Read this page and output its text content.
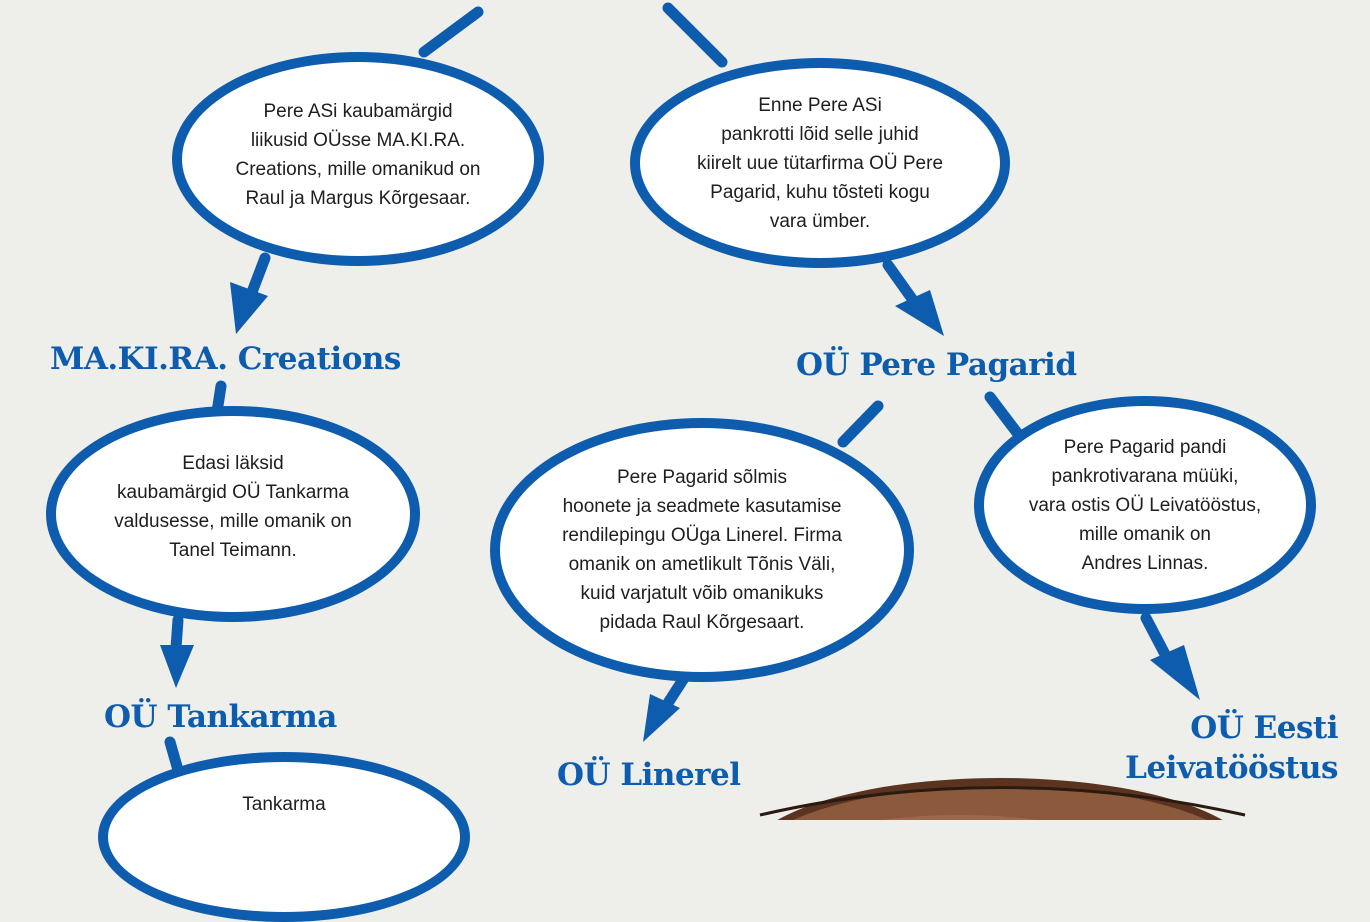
Pere ASi kaubamärgid
liikusid OÜsse MA.KI.RA.
Creations, mille omanikud on
Raul ja Margus Kõrgesaar.
Enne Pere ASi
pankrotti lõid selle juhid
kiirelt uue tütarfirma OÜ Pere
Pagarid, kuhu tõsteti kogu
vara ümber.
Edasi läksid
kaubamärgid OÜ Tankarma
valdusesse, mille omanik on
Tanel Teimann.
Pere Pagarid sõlmis
hoonete ja seadmete kasutamise
rendilepingu OÜga Linerel. Firma
omanik on ametlikult Tõnis Väli,
kuid varjatult võib omanikuks
pidada Raul Kõrgesaart.
Pere Pagarid pandi
pankrotivarana müüki,
vara ostis OÜ Leivatööstus,
mille omanik on
Andres Linnas.
Tankarma
MA.KI.RA. Creations	OÜ Pere Pagarid
OÜ Tankarma
OÜ Linerel
OÜ Eesti
Leivatööstus
